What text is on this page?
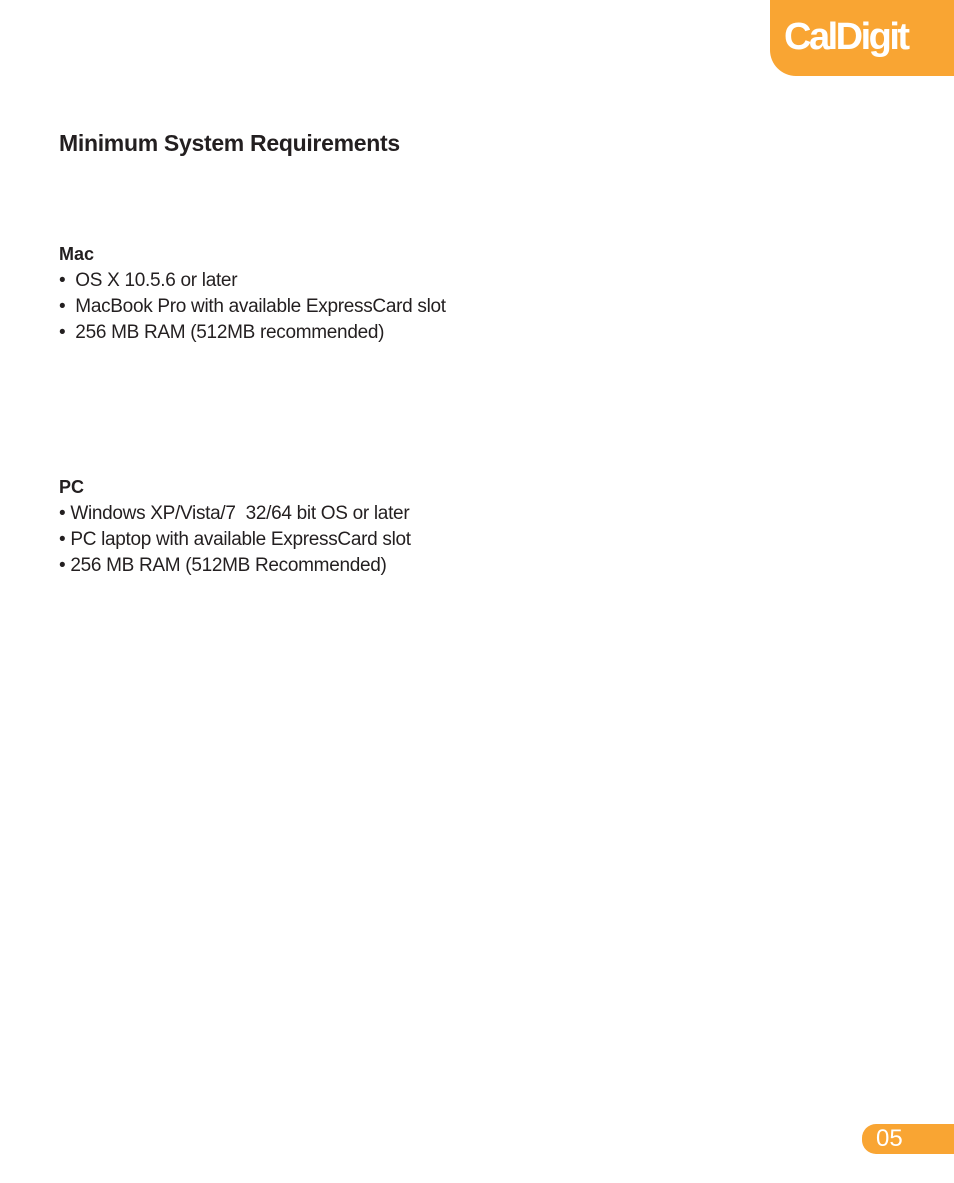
CalDigit
Minimum System Requirements
Mac
•  OS X 10.5.6 or later
•  MacBook Pro with available ExpressCard slot
•  256 MB RAM (512MB recommended)
PC
• Windows XP/Vista/7  32/64 bit OS or later
• PC laptop with available ExpressCard slot
• 256 MB RAM (512MB Recommended)
05
